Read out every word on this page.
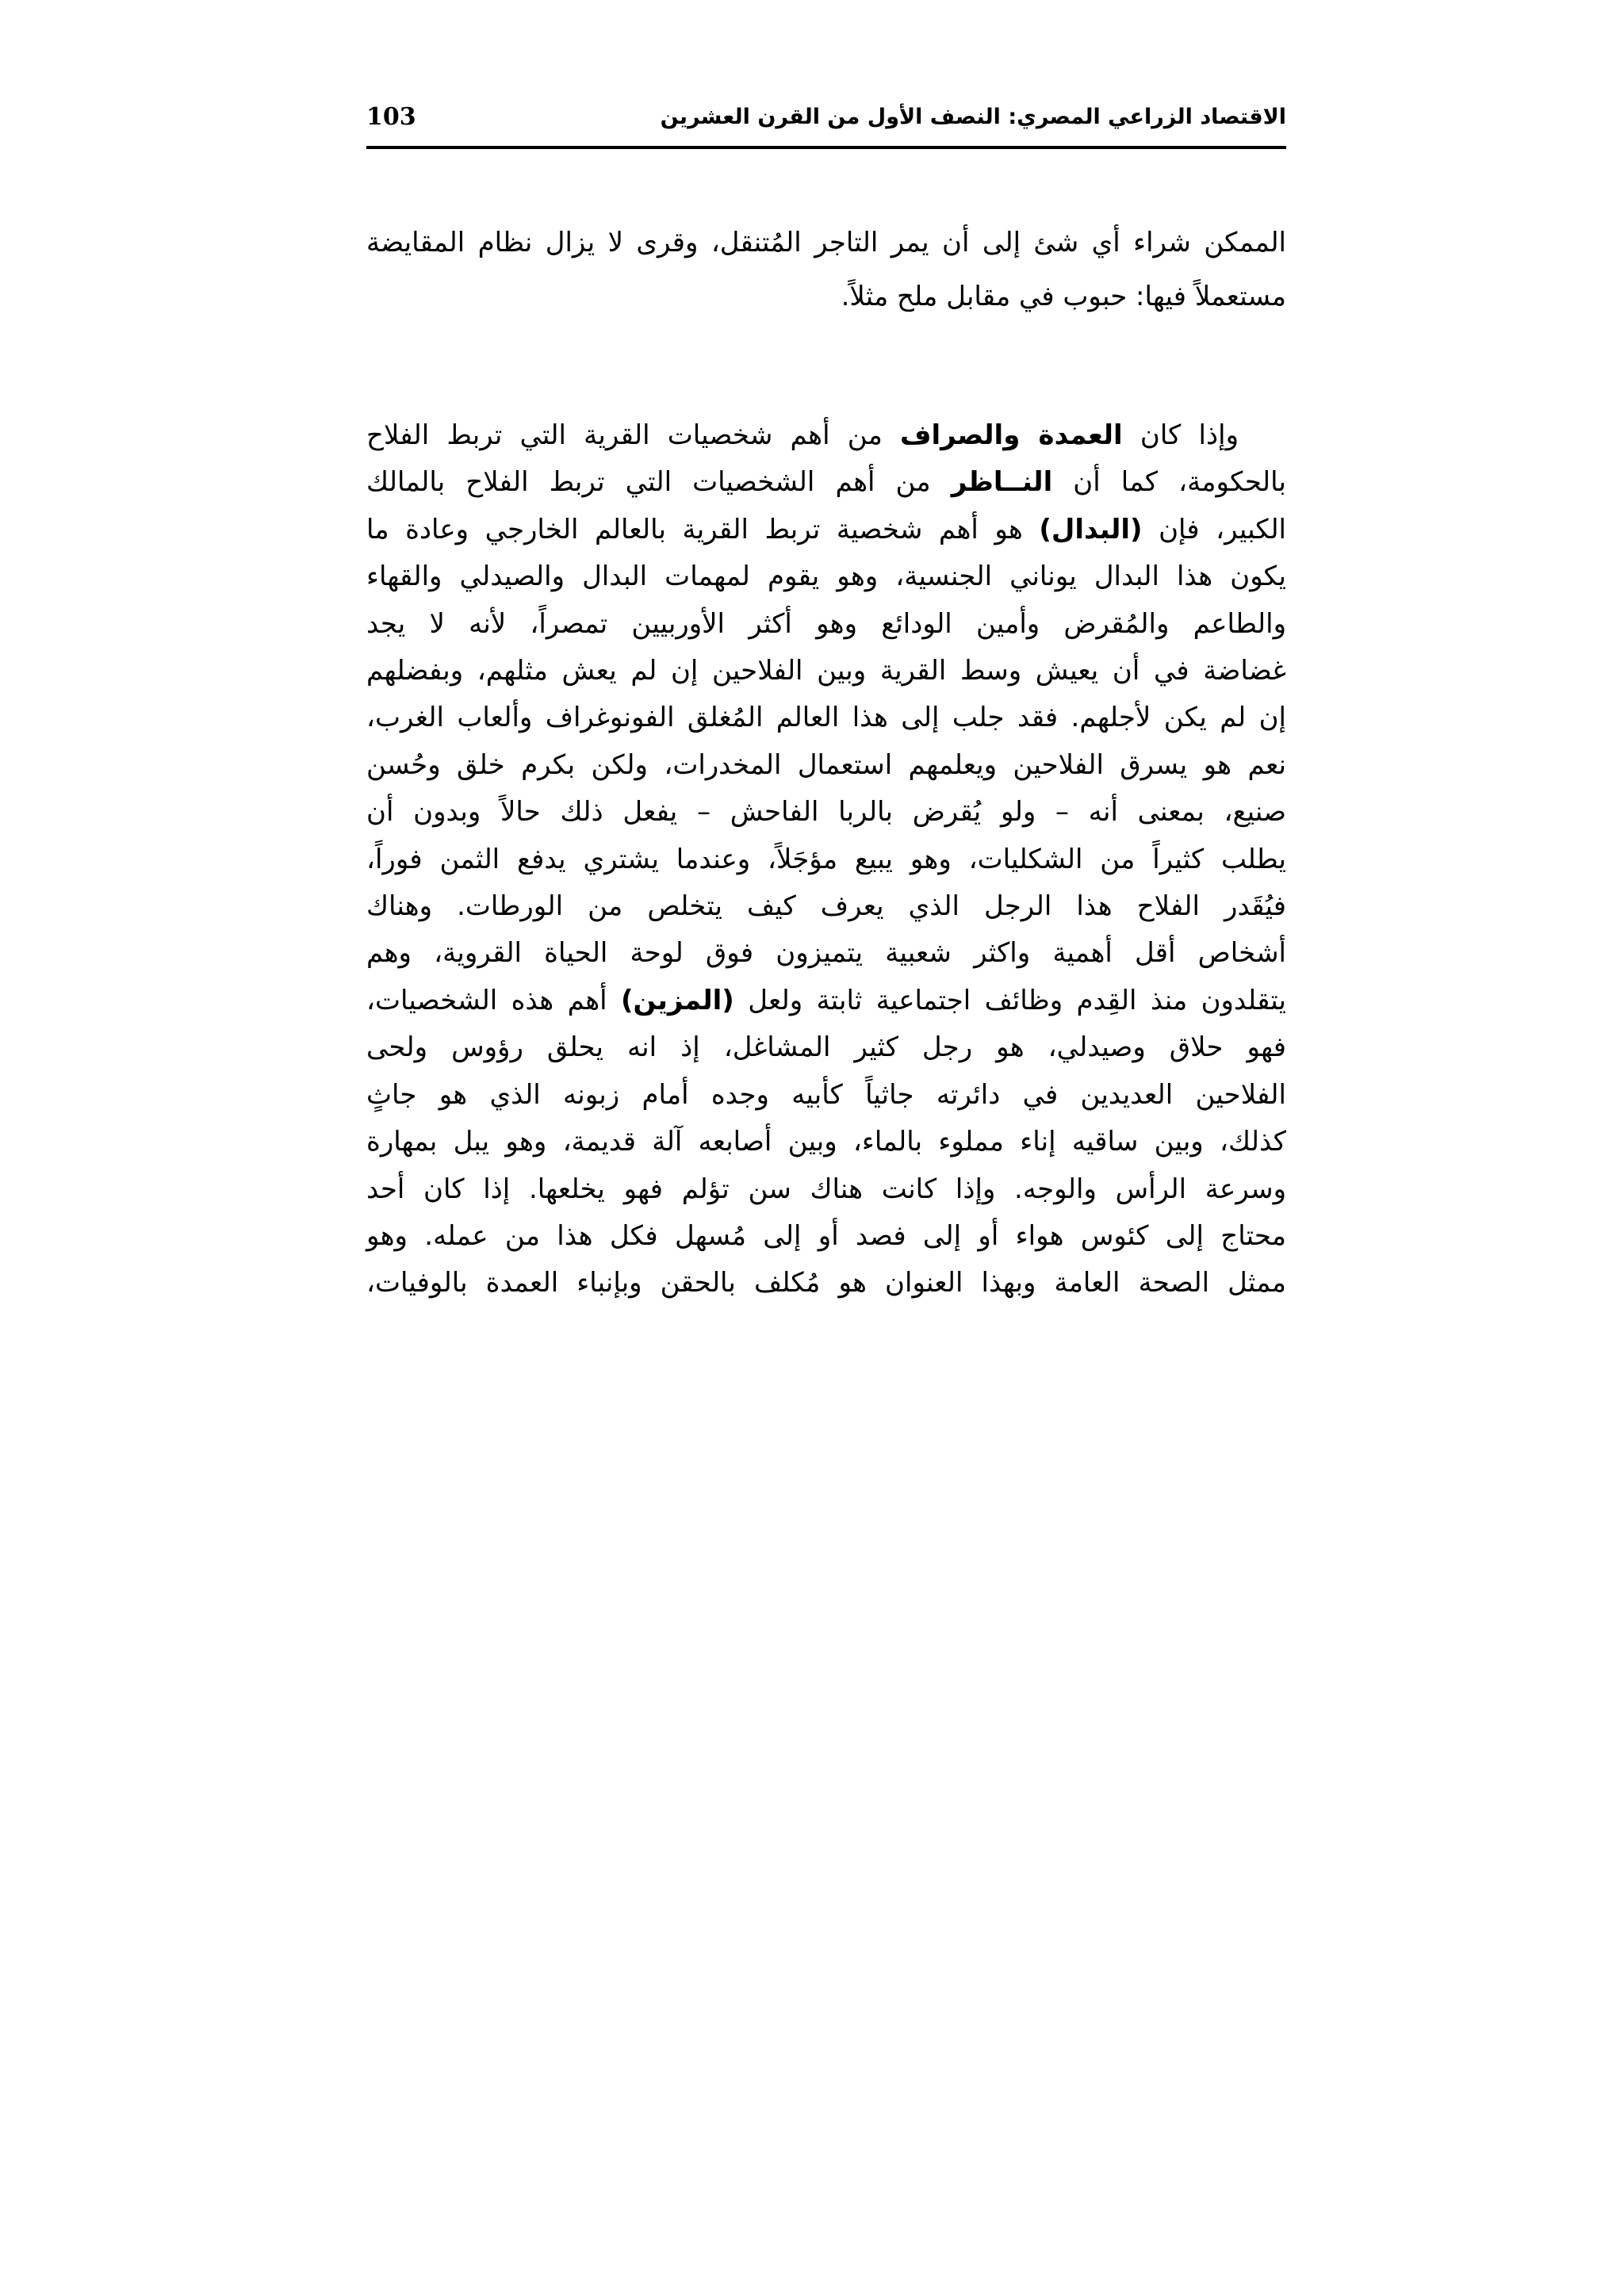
الاقتصاد الزراعي المصري: النصف الأول من القرن العشرين
103
الممكن شراء أي شئ إلى أن يمر التاجر المُتنقل، وقرى لا يزال نظام المقايضة
مستعملاً فيها: حبوب في مقابل ملح مثلاً.
وإذا كان العمدة والصراف من أهم شخصيات القرية التي تربط الفلاح
بالحكومة، كما أن النــاظر من أهم الشخصيات التي تربط الفلاح بالمالك
الكبير، فإن (البدال) هو أهم شخصية تربط القرية بالعالم الخارجي وعادة ما
يكون هذا البدال يوناني الجنسية، وهو يقوم لمهمات البدال والصيدلي والقهاء
والطاعم والمُقرض وأمين الودائع وهو أكثر الأوربيين تمصراً، لأنه لا يجد
غضاضة في أن يعيش وسط القرية وبين الفلاحين إن لم يعش مثلهم، وبفضلهم
إن لم يكن لأجلهم. فقد جلب إلى هذا العالم المُغلق الفونوغراف وألعاب الغرب،
نعم هو يسرق الفلاحين ويعلمهم استعمال المخدرات، ولكن بكرم خلق وحُسن
صنيع، بمعنى أنه – ولو يُقرض بالربا الفاحش – يفعل ذلك حالاً وبدون أن
يطلب كثيراً من الشكليات، وهو يبيع مؤجَلاً، وعندما يشتري يدفع الثمن فوراً،
فيُقَدر الفلاح هذا الرجل الذي يعرف كيف يتخلص من الورطات. وهناك
أشخاص أقل أهمية واكثر شعبية يتميزون فوق لوحة الحياة القروية، وهم
يتقلدون منذ القِدم وظائف اجتماعية ثابتة ولعل (المزين) أهم هذه الشخصيات،
فهو حلاق وصيدلي، هو رجل كثير المشاغل، إذ انه يحلق رؤوس ولحى
الفلاحين العديدين في دائرته جاثياً كأبيه وجده أمام زبونه الذي هو جاثٍ
كذلك، وبين ساقيه إناء مملوء بالماء، وبين أصابعه آلة قديمة، وهو يبل بمهارة
وسرعة الرأس والوجه. وإذا كانت هناك سن تؤلم فهو يخلعها. إذا كان أحد
محتاج إلى كئوس هواء أو إلى فصد أو إلى مُسهل فكل هذا من عمله. وهو
ممثل الصحة العامة وبهذا العنوان هو مُكلف بالحقن وبإنباء العمدة بالوفيات،
